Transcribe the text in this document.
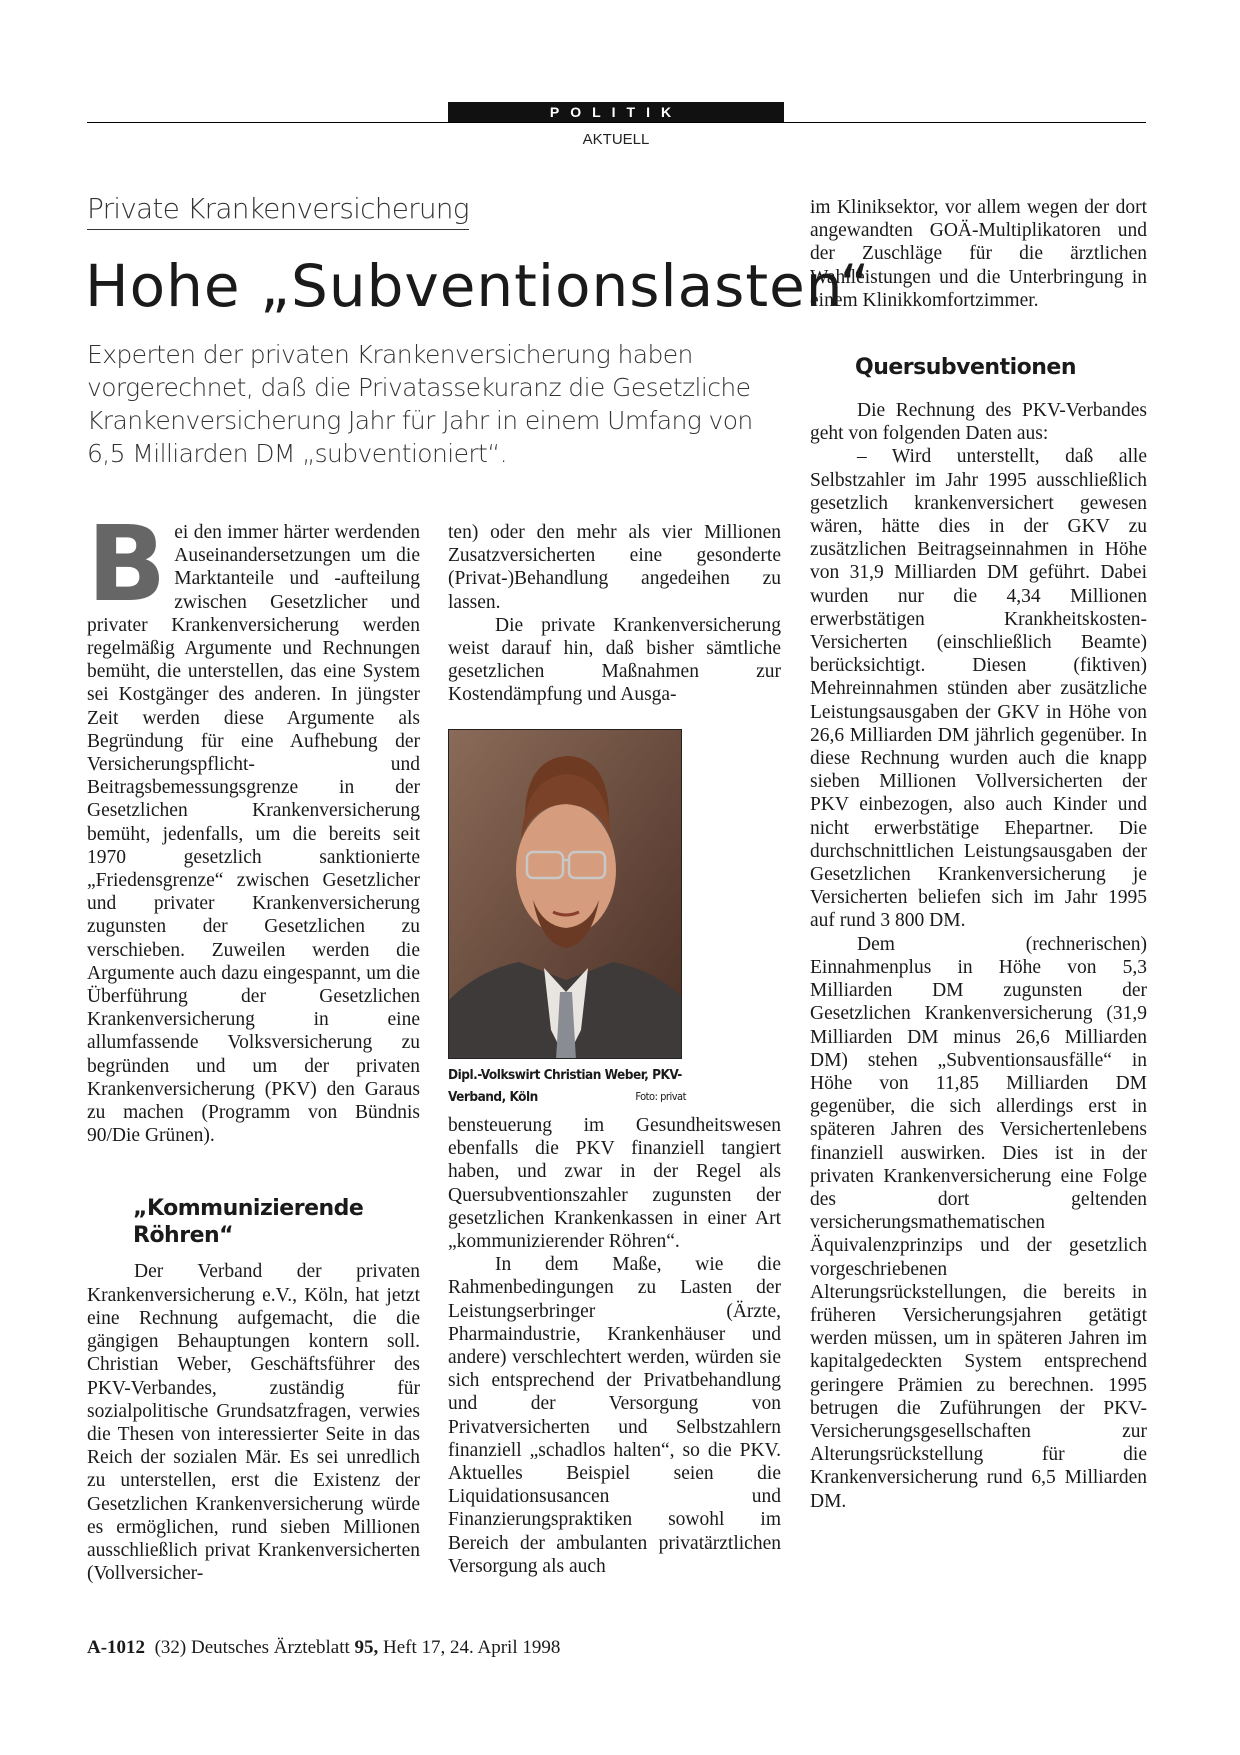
POLITIK
AKTUELL
Private Krankenversicherung
Hohe „Subventionslasten“
Experten der privaten Krankenversicherung haben vorgerechnet, daß die Privatassekuranz die Gesetzliche Krankenversicherung Jahr für Jahr in einem Umfang von 6,5 Milliarden DM „subventioniert“.

Bei den immer härter werdenden Auseinandersetzungen um die Marktanteile und -aufteilung zwischen Gesetzlicher und privater Krankenversicherung werden regelmäßig Argumente und Rechnungen bemüht, die unterstellen, das eine System sei Kostgänger des anderen. In jüngster Zeit werden diese Argumente als Begründung für eine Aufhebung der Versicherungspflicht- und Beitragsbemessungsgrenze in der Gesetzlichen Krankenversicherung bemüht, jedenfalls, um die bereits seit 1970 gesetzlich sanktionierte „Friedensgrenze“ zwischen Gesetzlicher und privater Krankenversicherung zugunsten der Gesetzlichen zu verschieben. Zuweilen werden die Argumente auch dazu eingespannt, um die Überführung der Gesetzlichen Krankenversicherung in eine allumfassende Volksversicherung zu begründen und um der privaten Krankenversicherung (PKV) den Garaus zu machen (Programm von Bündnis 90/Die Grünen).

„Kommunizierende Röhren“

Der Verband der privaten Krankenversicherung e.V., Köln, hat jetzt eine Rechnung aufgemacht, die die gängigen Behauptungen kontern soll. Christian Weber, Geschäftsführer des PKV-Verbandes, zuständig für sozialpolitische Grundsatzfragen, verwies die Thesen von interessierter Seite in das Reich der sozialen Mär. Es sei unredlich zu unterstellen, erst die Existenz der Gesetzlichen Krankenversicherung würde es ermöglichen, rund sieben Millionen ausschließlich privat Krankenversicherten (Vollversicher-

ten) oder den mehr als vier Millionen Zusatzversicherten eine gesonderte (Privat-)Behandlung angedeihen zu lassen.

Die private Krankenversicherung weist darauf hin, daß bisher sämtliche gesetzlichen Maßnahmen zur Kostendämpfung und Ausga-

Dipl.-Volkswirt Christian Weber, PKV-Verband, Köln	Foto: privat

bensteuerung im Gesundheitswesen ebenfalls die PKV finanziell tangiert haben, und zwar in der Regel als Quersubventionszahler zugunsten der gesetzlichen Krankenkassen in einer Art „kommunizierender Röhren“.

In dem Maße, wie die Rahmenbedingungen zu Lasten der Leistungserbringer (Ärzte, Pharmaindustrie, Krankenhäuser und andere) verschlechtert werden, würden sie sich entsprechend der Privatbehandlung und der Versorgung von Privatversicherten und Selbstzahlern finanziell „schadlos halten“, so die PKV. Aktuelles Beispiel seien die Liquidationsusancen und Finanzierungspraktiken sowohl im Bereich der ambulanten privatärztlichen Versorgung als auch

im Kliniksektor, vor allem wegen der dort angewandten GOÄ-Multiplikatoren und der Zuschläge für die ärztlichen Wahlleistungen und die Unterbringung in einem Klinikkomfortzimmer.

Quersubventionen

Die Rechnung des PKV-Verbandes geht von folgenden Daten aus:

– Wird unterstellt, daß alle Selbstzahler im Jahr 1995 ausschließlich gesetzlich krankenversichert gewesen wären, hätte dies in der GKV zu zusätzlichen Beitragseinnahmen in Höhe von 31,9 Milliarden DM geführt. Dabei wurden nur die 4,34 Millionen erwerbstätigen Krankheitskosten-Versicherten (einschließlich Beamte) berücksichtigt. Diesen (fiktiven) Mehreinnahmen stünden aber zusätzliche Leistungsausgaben der GKV in Höhe von 26,6 Milliarden DM jährlich gegenüber. In diese Rechnung wurden auch die knapp sieben Millionen Vollversicherten der PKV einbezogen, also auch Kinder und nicht erwerbstätige Ehepartner. Die durchschnittlichen Leistungsausgaben der Gesetzlichen Krankenversicherung je Versicherten beliefen sich im Jahr 1995 auf rund 3 800 DM.

Dem (rechnerischen) Einnahmenplus in Höhe von 5,3 Milliarden DM zugunsten der Gesetzlichen Krankenversicherung (31,9 Milliarden DM minus 26,6 Milliarden DM) stehen „Subventionsausfälle“ in Höhe von 11,85 Milliarden DM gegenüber, die sich allerdings erst in späteren Jahren des Versichertenlebens finanziell auswirken. Dies ist in der privaten Krankenversicherung eine Folge des dort geltenden versicherungsmathematischen Äquivalenzprinzips und der gesetzlich vorgeschriebenen Alterungsrückstellungen, die bereits in früheren Versicherungsjahren getätigt werden müssen, um in späteren Jahren im kapitalgedeckten System entsprechend geringere Prämien zu berechnen. 1995 betrugen die Zuführungen der PKV-Versicherungsgesellschaften zur Alterungsrückstellung für die Krankenversicherung rund 6,5 Milliarden DM.

A-1012 (32) Deutsches Ärzteblatt 95, Heft 17, 24. April 1998
